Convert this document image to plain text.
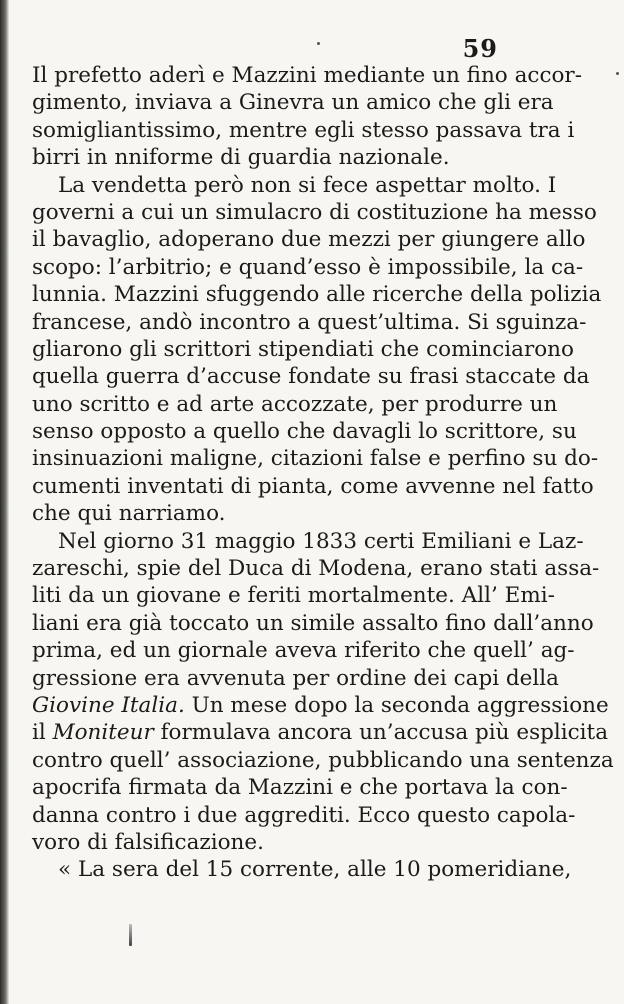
59
Il prefetto aderì e Mazzini mediante un fino accor-
gimento, inviava a Ginevra un amico che gli era
somigliantissimo, mentre egli stesso passava tra i
birri in nniforme di guardia nazionale.
La vendetta però non si fece aspettar molto. I
governi a cui un simulacro di costituzione ha messo
il bavaglio, adoperano due mezzi per giungere allo
scopo: l’arbitrio; e quand’esso è impossibile, la ca-
lunnia. Mazzini sfuggendo alle ricerche della polizia
francese, andò incontro a quest’ultima. Si sguinza-
gliarono gli scrittori stipendiati che cominciarono
quella guerra d’accuse fondate su frasi staccate da
uno scritto e ad arte accozzate, per produrre un
senso opposto a quello che davagli lo scrittore, su
insinuazioni maligne, citazioni false e perfino su do-
cumenti inventati di pianta, come avvenne nel fatto
che qui narriamo.
Nel giorno 31 maggio 1833 certi Emiliani e Laz-
zareschi, spie del Duca di Modena, erano stati assa-
liti da un giovane e feriti mortalmente. All’ Emi-
liani era già toccato un simile assalto fino dall’anno
prima, ed un giornale aveva riferito che quell’ ag-
gressione era avvenuta per ordine dei capi della
Giovine Italia. Un mese dopo la seconda aggressione
il Moniteur formulava ancora un’accusa più esplicita
contro quell’ associazione, pubblicando una sentenza
apocrifa firmata da Mazzini e che portava la con-
danna contro i due aggrediti. Ecco questo capola-
voro di falsificazione.
« La sera del 15 corrente, alle 10 pomeridiane,
